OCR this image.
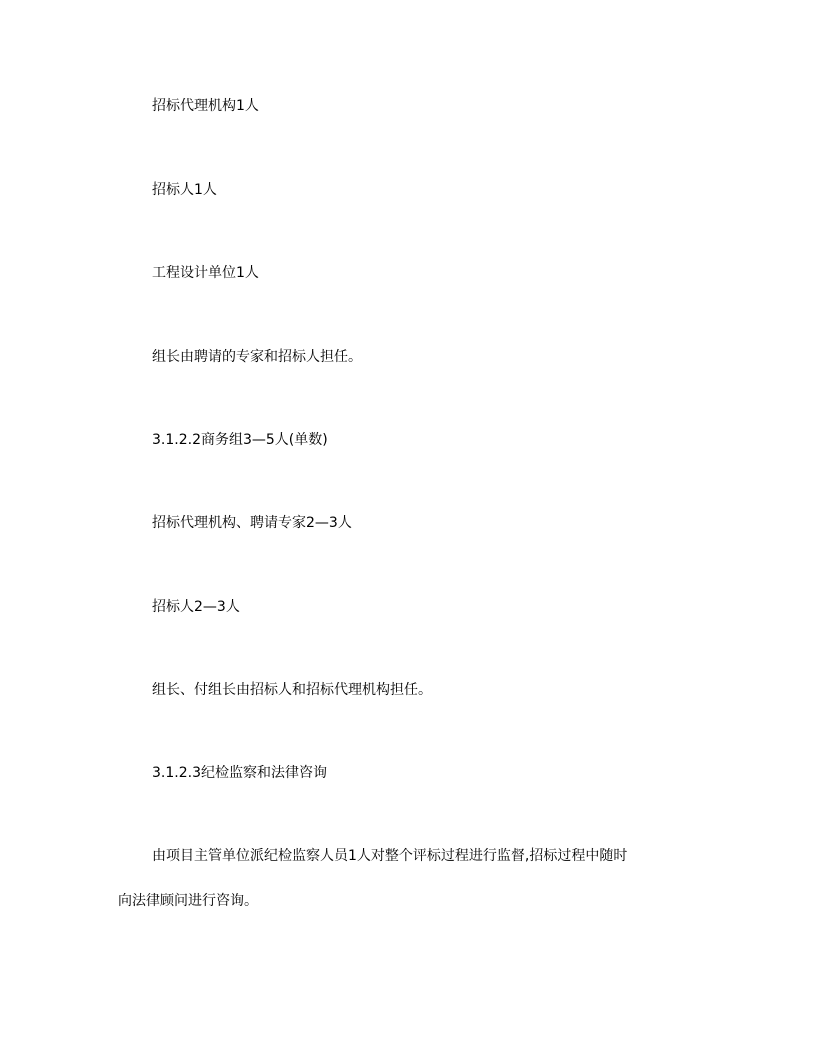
招标代理机构1人
招标人1人
工程设计单位1人
组长由聘请的专家和招标人担任。
3.1.2.2商务组3—5人(单数)
招标代理机构、聘请专家2—3人
招标人2—3人
组长、付组长由招标人和招标代理机构担任。
3.1.2.3纪检监察和法律咨询
由项目主管单位派纪检监察人员1人对整个评标过程进行监督,招标过程中随时
向法律顾问进行咨询。
